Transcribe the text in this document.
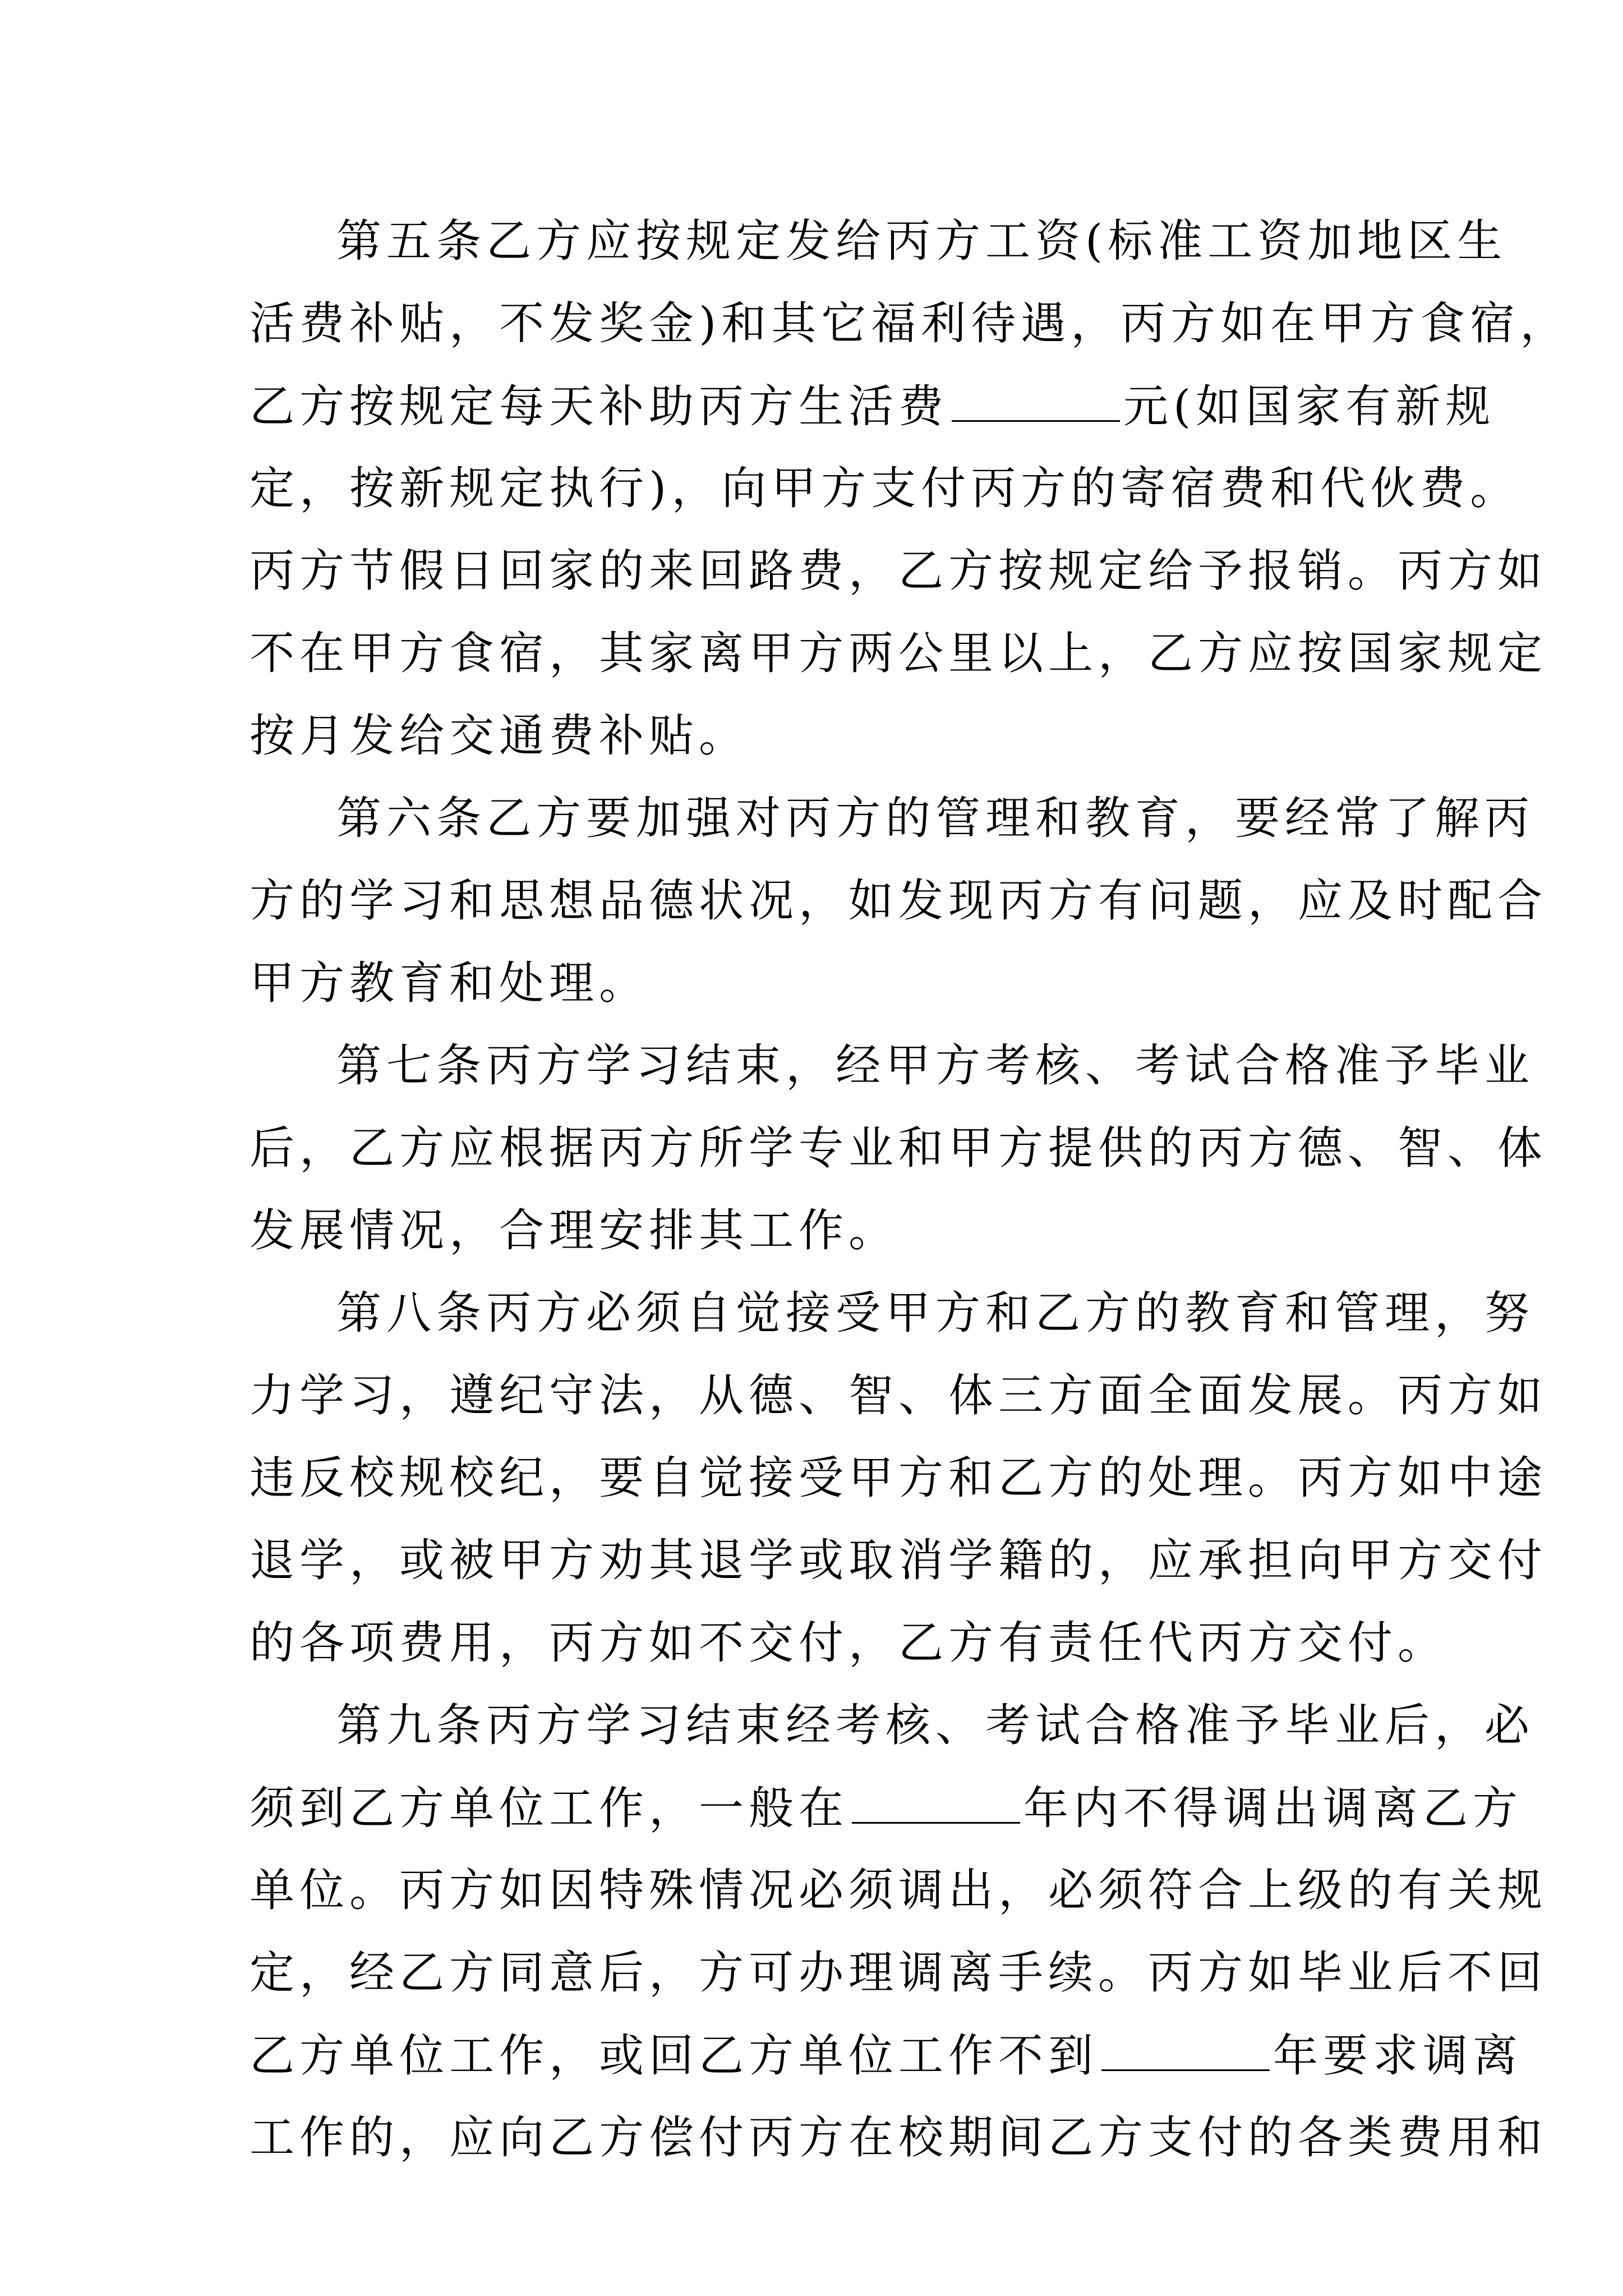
第五条乙方应按规定发给丙方工资(标准工资加地区生
活费补贴，不发奖金)和其它福利待遇，丙方如在甲方食宿，
乙方按规定每天补助丙方生活费	元(如国家有新规
定，按新规定执行)，向甲方支付丙方的寄宿费和代伙费。
丙方节假日回家的来回路费，乙方按规定给予报销。丙方如
不在甲方食宿，其家离甲方两公里以上，乙方应按国家规定
按月发给交通费补贴。
第六条乙方要加强对丙方的管理和教育，要经常了解丙
方的学习和思想品德状况，如发现丙方有问题，应及时配合
甲方教育和处理。
第七条丙方学习结束，经甲方考核、考试合格准予毕业
后，乙方应根据丙方所学专业和甲方提供的丙方德、智、体
发展情况，合理安排其工作。
第八条丙方必须自觉接受甲方和乙方的教育和管理，努
力学习，遵纪守法，从德、智、体三方面全面发展。丙方如
违反校规校纪，要自觉接受甲方和乙方的处理。丙方如中途
退学，或被甲方劝其退学或取消学籍的，应承担向甲方交付
的各项费用，丙方如不交付，乙方有责任代丙方交付。
第九条丙方学习结束经考核、考试合格准予毕业后，必
须到乙方单位工作，一般在	年内不得调出调离乙方
单位。丙方如因特殊情况必须调出，必须符合上级的有关规
定，经乙方同意后，方可办理调离手续。丙方如毕业后不回
乙方单位工作，或回乙方单位工作不到	年要求调离
工作的，应向乙方偿付丙方在校期间乙方支付的各类费用和
